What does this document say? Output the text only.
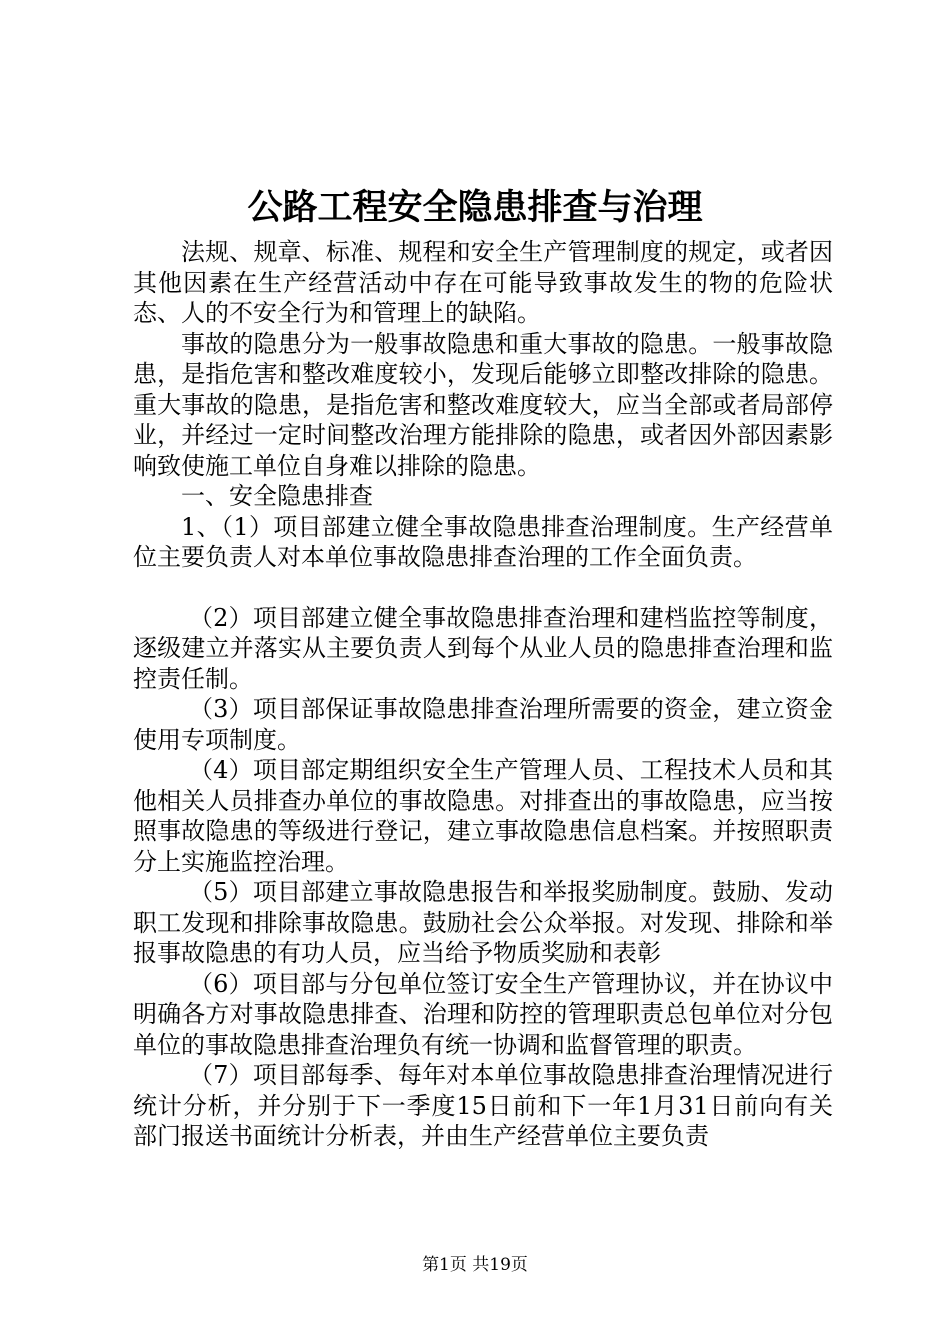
公路工程安全隐患排查与治理

法规、规章、标准、规程和安全生产管理制度的规定，或者因其他因素在生产经营活动中存在可能导致事故发生的物的危险状态、人的不安全行为和管理上的缺陷。

事故的隐患分为一般事故隐患和重大事故的隐患。一般事故隐患，是指危害和整改难度较小，发现后能够立即整改排除的隐患。重大事故的隐患，是指危害和整改难度较大，应当全部或者局部停业，并经过一定时间整改治理方能排除的隐患，或者因外部因素影响致使施工单位自身难以排除的隐患。

一、安全隐患排查

1、（1）项目部建立健全事故隐患排查治理制度。生产经营单位主要负责人对本单位事故隐患排查治理的工作全面负责。

（2）项目部建立健全事故隐患排查治理和建档监控等制度，逐级建立并落实从主要负责人到每个从业人员的隐患排查治理和监控责任制。

（3）项目部保证事故隐患排查治理所需要的资金，建立资金使用专项制度。

（4）项目部定期组织安全生产管理人员、工程技术人员和其他相关人员排查办单位的事故隐患。对排查出的事故隐患，应当按照事故隐患的等级进行登记，建立事故隐患信息档案。并按照职责分上实施监控治理。

（5）项目部建立事故隐患报告和举报奖励制度。鼓励、发动职工发现和排除事故隐患。鼓励社会公众举报。对发现、排除和举报事故隐患的有功人员，应当给予物质奖励和表彰

（6）项目部与分包单位签订安全生产管理协议，并在协议中明确各方对事故隐患排查、治理和防控的管理职责总包单位对分包单位的事故隐患排查治理负有统一协调和监督管理的职责。

（7）项目部每季、每年对本单位事故隐患排查治理情况进行统计分析，并分别于下一季度15日前和下一年1月31日前向有关部门报送书面统计分析表，并由生产经营单位主要负责

第1页 共19页
